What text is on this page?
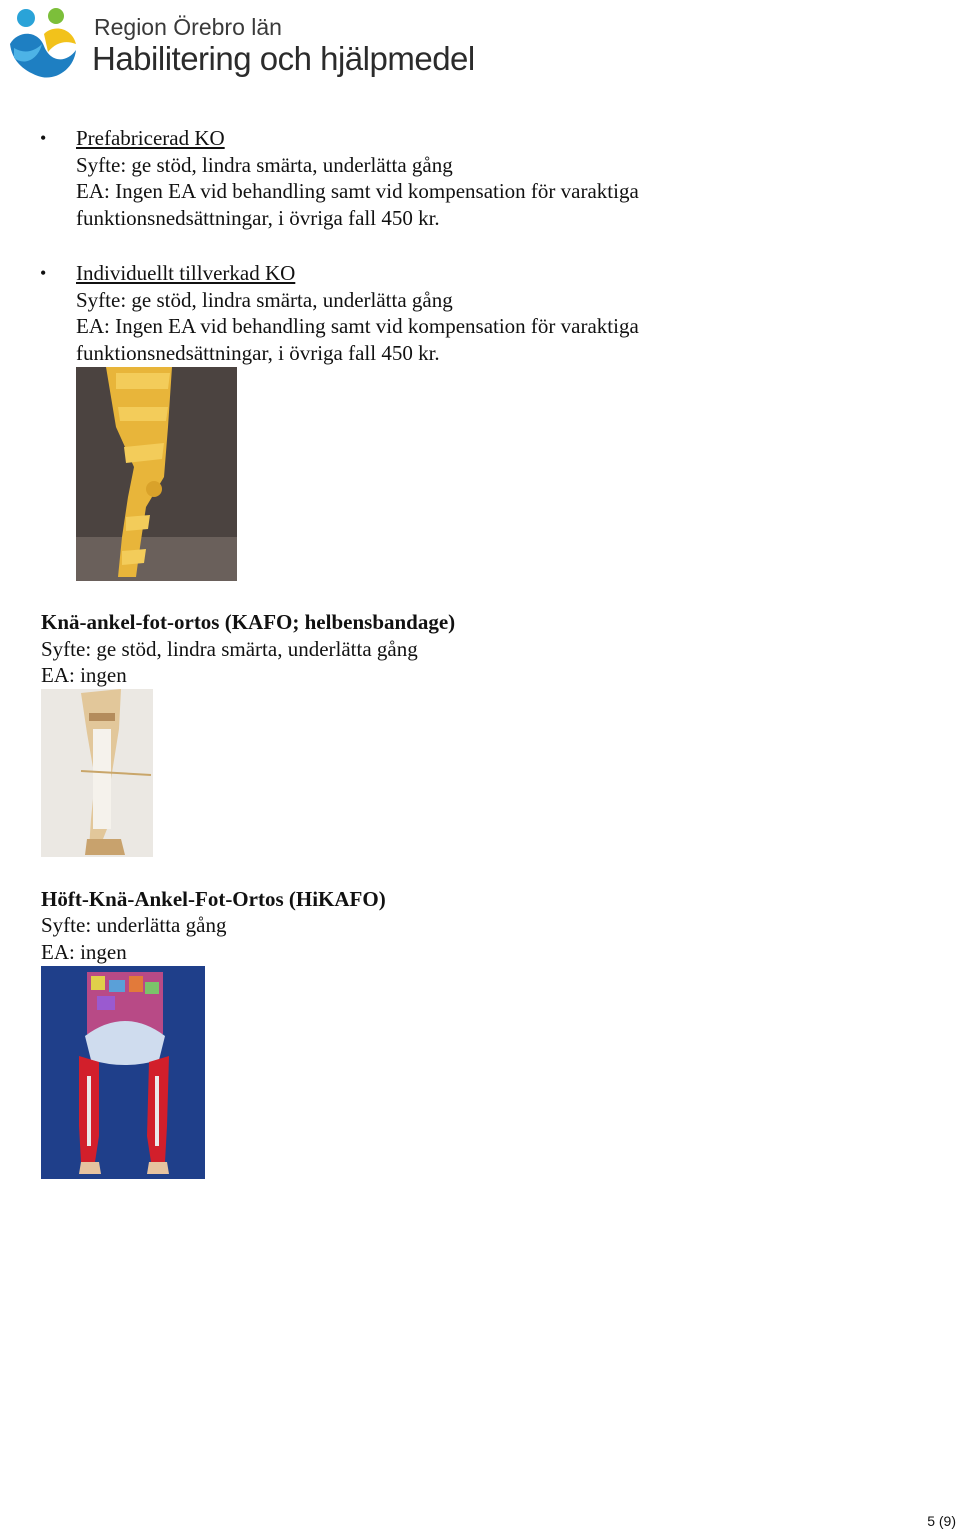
Region Örebro län
Habilitering och hjälpmedel
• Prefabricerad KO
Syfte: ge stöd, lindra smärta, underlätta gång
EA: Ingen EA vid behandling samt vid kompensation för varaktiga
funktionsnedsättningar, i övriga fall 450 kr.
• Individuellt tillverkad KO
Syfte: ge stöd, lindra smärta, underlätta gång
EA: Ingen EA vid behandling samt vid kompensation för varaktiga
funktionsnedsättningar, i övriga fall 450 kr.
Knä-ankel-fot-ortos (KAFO; helbensbandage)
Syfte: ge stöd, lindra smärta, underlätta gång
EA: ingen
Höft-Knä-Ankel-Fot-Ortos (HiKAFO)
Syfte: underlätta gång
EA: ingen
5 (9)
